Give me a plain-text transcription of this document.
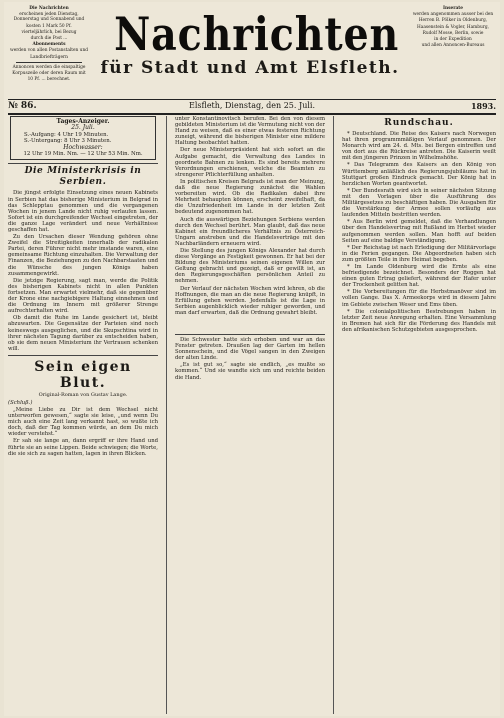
Die Nachrichten

erscheinen jeden Dienstag, Donnerstag und Sonnabend und

kosten 1 Mark 50 Pf.

vierteljährlich, bei Bezug

durch die Post ...

Abonnements

werden von allen Postanstalten und

Landbriefträgern

Annoncen werden die einspaltige

Korpuszeile oder deren Raum mit

10 Pf. ... berechnet.

Nachrichten
für Stadt und Amt Elsfleth.

Inserate

werden angenommen ausser bei den

Herren B. Pölker in Oldenburg,

Haasenstein & Vogler, Hamburg,

Rudolf Mosse, Berlin, sowie

in der Expedition

und allen Annoncen-Bureaus

№ 86.	Elsfleth, Dienstag, den 25. Juli.	1893.
Tages-Anzeiger.
25. Juli.
S.-Aufgang: 4 Uhr 19 Minuten.
S.-Untergang: 8 Uhr 3 Minuten.
Hochwasser:
12 Uhr 19 Min. Nm. — 12 Uhr 53 Min. Nm.
Die Ministerkrisis in Serbien.

Die jüngst erfolgte Einsetzung eines neuen Kabinets in Serbien hat das bisherige Ministerium in Belgrad in das Schlepptau genommen und die vergangenen Wochen in jenem Lande nicht ruhig verlaufen lassen. Sofort ist ein durchgreifender Wechsel eingetreten, der die ganze Lage verändert und neue Verhältnisse geschaffen hat.

Zu den Ursachen dieser Wendung gehören ohne Zweifel die Streitigkeiten innerhalb der radikalen Partei, deren Führer nicht mehr imstande waren, eine gemeinsame Richtung einzuhalten. Die Verwaltung der Finanzen, die Beziehungen zu den Nachbarstaaten und die Wünsche des jungen Königs haben zusammengewirkt.

Die jetzige Regierung, sagt man, werde die Politik des bisherigen Kabinets nicht in allen Punkten fortsetzen. Man erwartet vielmehr, daß sie gegenüber der Krone eine nachgiebigere Haltung einnehmen und die Ordnung im Innern mit größerer Strenge aufrechterhalten wird.

Ob damit die Ruhe im Lande gesichert ist, bleibt abzuwarten. Die Gegensätze der Parteien sind noch keineswegs ausgeglichen, und die Skupschtina wird in ihrer nächsten Tagung darüber zu entscheiden haben, ob sie dem neuen Ministerium ihr Vertrauen schenken will.

Sein eigen Blut.
Original-Roman von Gustav Lange.
(Schluß.)

„Meine Liebe zu Dir ist dem Wechsel nicht unterworfen gewesen,“ sagte sie leise, „und wenn Du mich auch eine Zeit lang verkannt hast, so wußte ich doch, daß der Tag kommen würde, an dem Du mich wieder verstehst.“

Er sah sie lange an, dann ergriff er ihre Hand und führte sie an seine Lippen. Beide schwiegen; die Worte, die sie sich zu sagen hatten, lagen in ihren Blicken.

unter Konstantinovitsch berufen. Bei den von diesem gebildeten Ministerium ist die Vermutung nicht von der Hand zu weisen, daß es einer etwas festeren Richtung zuneigt, während die bisherigen Minister eine mildere Haltung beobachtet hatten.

Der neue Ministerpräsident hat sich sofort an die Aufgabe gemacht, die Verwaltung des Landes in geordnete Bahnen zu lenken. Es sind bereits mehrere Verordnungen erschienen, welche die Beamten zu strengerer Pflichterfüllung anhalten.

In politischen Kreisen Belgrads ist man der Meinung, daß die neue Regierung zunächst die Wahlen vorbereiten wird. Ob die Radikalen dabei ihre Mehrheit behaupten können, erscheint zweifelhaft, da die Unzufriedenheit im Lande in der letzten Zeit bedeutend zugenommen hat.

Auch die auswärtigen Beziehungen Serbiens werden durch den Wechsel berührt. Man glaubt, daß das neue Kabinet ein freundlicheres Verhältnis zu Österreich-Ungarn anstreben und die Handelsverträge mit den Nachbarländern erneuern wird.

Die Stellung des jungen Königs Alexander hat durch diese Vorgänge an Festigkeit gewonnen. Er hat bei der Bildung des Ministeriums seinen eigenen Willen zur Geltung gebracht und gezeigt, daß er gewillt ist, an den Regierungsgeschäften persönlichen Anteil zu nehmen.

Der Verlauf der nächsten Wochen wird lehren, ob die Hoffnungen, die man an die neue Regierung knüpft, in Erfüllung gehen werden. Jedenfalls ist die Lage in Serbien augenblicklich wieder ruhiger geworden, und man darf erwarten, daß die Ordnung gewahrt bleibt.

Die Schwester hatte sich erhoben und war an das Fenster getreten. Draußen lag der Garten im hellen Sonnenschein, und die Vögel sangen in den Zweigen der alten Linde.

„Es ist gut so,“ sagte sie endlich, „es mußte so kommen.“ Und sie wandte sich um und reichte beiden die Hand.

Rundschau.

* Deutschland. Die Reise des Kaisers nach Norwegen hat ihren programmmäßigen Verlauf genommen. Der Monarch wird am 24. d. Mts. bei Bergen eintreffen und von dort aus die Rückreise antreten. Die Kaiserin weilt mit den jüngeren Prinzen in Wilhelmshöhe.

* Das Telegramm des Kaisers an den König von Württemberg anläßlich des Regierungsjubiläums hat in Stuttgart großen Eindruck gemacht. Der König hat in herzlichen Worten geantwortet.

* Der Bundesrath wird sich in seiner nächsten Sitzung mit den Vorlagen über die Ausführung des Militärgesetzes zu beschäftigen haben. Die Ausgaben für die Verstärkung der Armee sollen vorläufig aus laufenden Mitteln bestritten werden.

* Aus Berlin wird gemeldet, daß die Verhandlungen über den Handelsvertrag mit Rußland im Herbst wieder aufgenommen werden sollen. Man hofft auf beiden Seiten auf eine baldige Verständigung.

* Der Reichstag ist nach Erledigung der Militärvorlage in die Ferien gegangen. Die Abgeordneten haben sich zum größten Teile in ihre Heimat begeben.

* Im Lande Oldenburg wird die Ernte als eine befriedigende bezeichnet. Besonders der Roggen hat einen guten Ertrag geliefert, während der Hafer unter der Trockenheit gelitten hat.

* Die Vorbereitungen für die Herbstmanöver sind im vollen Gange. Das X. Armeekorps wird in diesem Jahre im Gebiete zwischen Weser und Ems üben.

* Die colonialpolitischen Bestrebungen haben in letzter Zeit neue Anregung erhalten. Eine Versammlung in Bremen hat sich für die Förderung des Handels mit den afrikanischen Schutzgebieten ausgesprochen.
